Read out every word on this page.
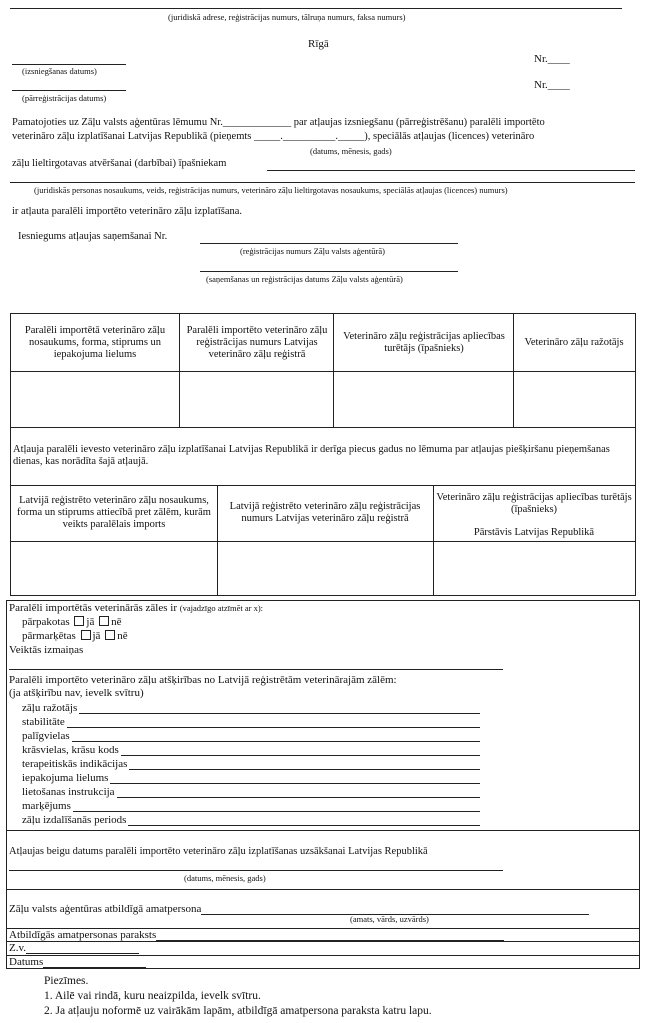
(juridiskā adrese, reģistrācijas numurs, tālruņa numurs, faksa numurs)
Rīgā
(izsniegšanas datums)
(pārreģistrācijas datums)
Nr.____
Nr.____
Pamatojoties uz Zāļu valsts aģentūras lēmumu Nr._____________ par atļaujas izsniegšanu (pārreģistrēšanu) paralēli importēto
veterināro zāļu izplatīšanai Latvijas Republikā (pieņemts _____.__________._____), speciālās atļaujas (licences) veterināro
(datums, mēnesis, gads)
zāļu lieltirgotavas atvēršanai (darbībai) īpašniekam
(juridiskās personas nosaukums, veids, reģistrācijas numurs, veterināro zāļu lieltirgotavas nosaukums, speciālās atļaujas (licences) numurs)
ir atļauta paralēli importēto veterināro zāļu izplatīšana.
Iesniegums atļaujas saņemšanai Nr.
(reģistrācijas numurs Zāļu valsts aģentūrā)
(saņemšanas un reģistrācijas datums Zāļu valsts aģentūrā)
Paralēli importētā veterināro zāļu nosaukums, forma, stiprums un iepakojuma lielums
Paralēli importēto veterināro zāļu reģistrācijas numurs Latvijas veterināro zāļu reģistrā
Veterināro zāļu reģistrācijas apliecības turētājs (īpašnieks)
Veterināro zāļu ražotājs
Atļauja paralēli ievesto veterināro zāļu izplatīšanai Latvijas Republikā ir derīga piecus gadus no lēmuma par atļaujas piešķiršanu pieņemšanas dienas, kas norādīta šajā atļaujā.
Latvijā reģistrēto veterināro zāļu nosaukums, forma un stiprums attiecībā pret zālēm, kurām veikts paralēlais imports
Latvijā reģistrēto veterināro zāļu reģistrācijas numurs Latvijas veterināro zāļu reģistrā
Veterināro zāļu reģistrācijas apliecības turētājs (īpašnieks)
Pārstāvis Latvijas Republikā
Paralēli importētās veterinārās zāles ir (vajadzīgo atzīmēt ar x):
pārpakotas jā nē
pārmarķētas jā nē
Veiktās izmaiņas
Paralēli importēto veterināro zāļu atšķirības no Latvijā reģistrētām veterinārajām zālēm:
(ja atšķirību nav, ievelk svītru)
zāļu ražotājs
stabilitāte
palīgvielas
krāsvielas, krāsu kods
terapeitiskās indikācijas
iepakojuma lielums
lietošanas instrukcija
marķējums
zāļu izdalīšanās periods
Atļaujas beigu datums paralēli importēto veterināro zāļu izplatīšanas uzsākšanai Latvijas Republikā
(datums, mēnesis, gads)
Zāļu valsts aģentūras atbildīgā amatpersona
(amats, vārds, uzvārds)
Atbildīgās amatpersonas paraksts
Z.v.
Datums
Piezīmes.
1. Ailē vai rindā, kuru neaizpilda, ievelk svītru.
2. Ja atļauju noformē uz vairākām lapām, atbildīgā amatpersona paraksta katru lapu.
